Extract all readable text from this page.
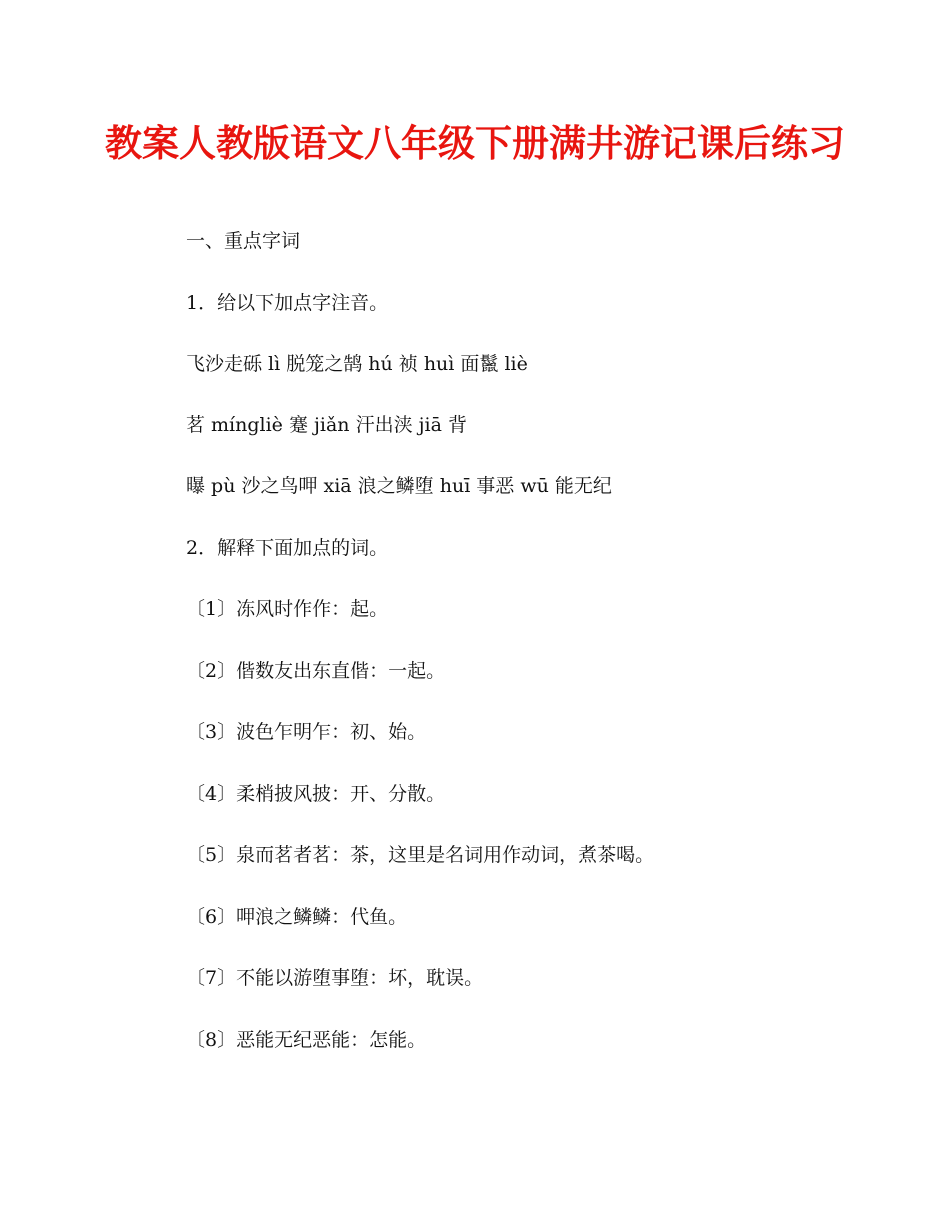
教案人教版语文八年级下册满井游记课后练习

一、重点字词

1．给以下加点字注音。

飞沙走砾 lì 脱笼之鹄 hú 祯 huì 面鬣 liè

茗 míngliè 蹇 jiǎn 汗出浃 jiā 背

曝 pù 沙之鸟呷 xiā 浪之鳞堕 huī 事恶 wū 能无纪

2．解释下面加点的词。

〔1〕冻风时作作：起。

〔2〕偕数友出东直偕：一起。

〔3〕波色乍明乍：初、始。

〔4〕柔梢披风披：开、分散。

〔5〕泉而茗者茗：茶，这里是名词用作动词，煮茶喝。

〔6〕呷浪之鳞鳞：代鱼。

〔7〕不能以游堕事堕：坏，耽误。

〔8〕恶能无纪恶能：怎能。
